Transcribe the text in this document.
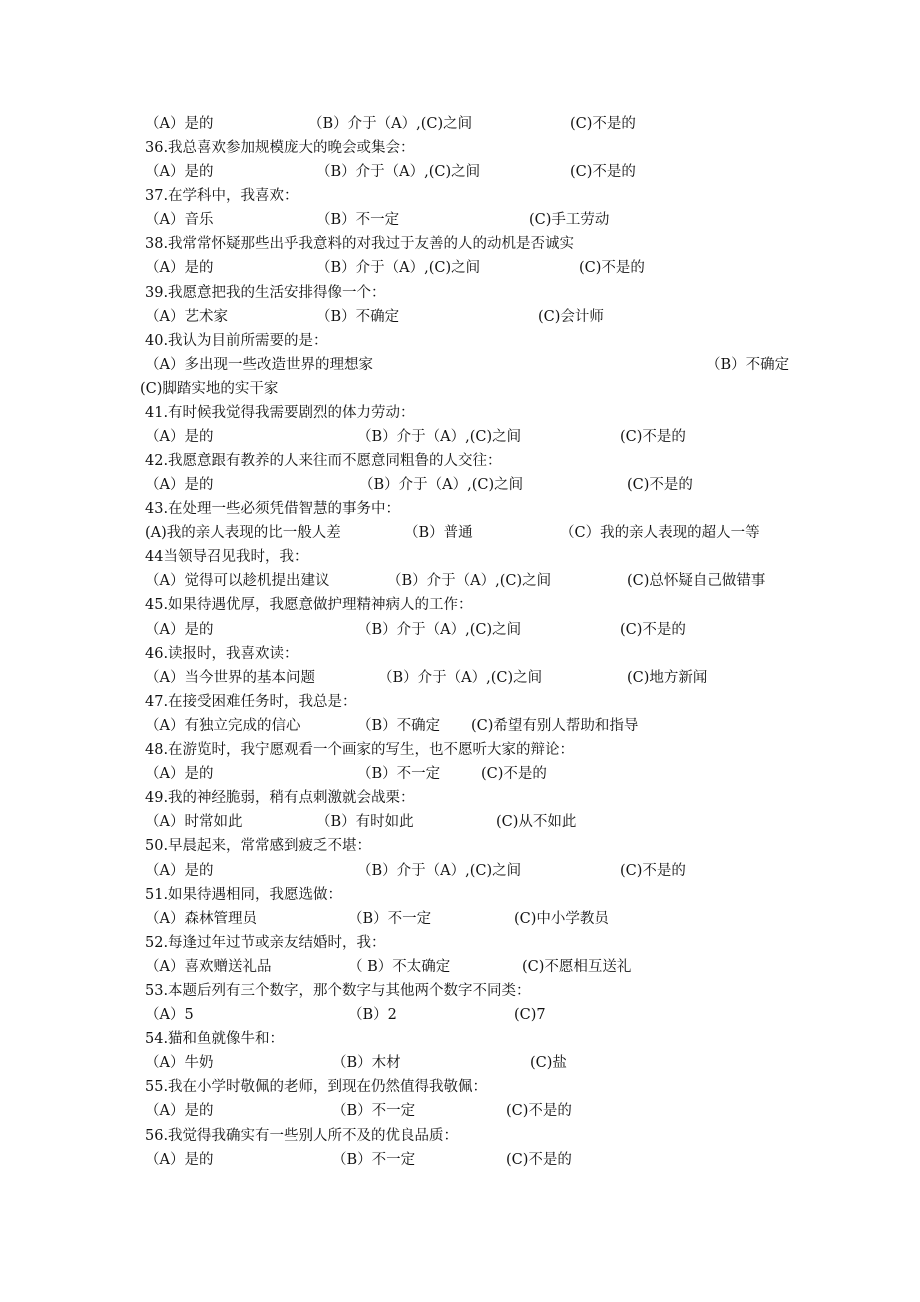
（A）是的	（B）介于（A）,(C)之间	(C)不是的
36.我总喜欢参加规模庞大的晚会或集会：
（A）是的	（B）介于（A）,(C)之间	(C)不是的
37.在学科中，我喜欢：
（A）音乐	（B）不一定	(C)手工劳动
38.我常常怀疑那些出乎我意料的对我过于友善的人的动机是否诚实
（A）是的	（B）介于（A）,(C)之间	(C)不是的
39.我愿意把我的生活安排得像一个：
（A）艺术家	（B）不确定	(C)会计师
40.我认为目前所需要的是：
（A）多出现一些改造世界的理想家	（B）不确定
(C)脚踏实地的实干家
41.有时候我觉得我需要剧烈的体力劳动：
（A）是的	（B）介于（A）,(C)之间	(C)不是的
42.我愿意跟有教养的人来往而不愿意同粗鲁的人交往：
（A）是的	（B）介于（A）,(C)之间	(C)不是的
43.在处理一些必须凭借智慧的事务中：
(A)我的亲人表现的比一般人差	（B）普通	（C）我的亲人表现的超人一等
44当领导召见我时，我：
（A）觉得可以趁机提出建议	（B）介于（A）,(C)之间	(C)总怀疑自己做错事
45.如果待遇优厚，我愿意做护理精神病人的工作：
（A）是的	（B）介于（A）,(C)之间	(C)不是的
46.读报时，我喜欢读：
（A）当今世界的基本问题	（B）介于（A）,(C)之间	(C)地方新闻
47.在接受困难任务时，我总是：
（A）有独立完成的信心	（B）不确定 (C)希望有别人帮助和指导
48.在游览时，我宁愿观看一个画家的写生，也不愿听大家的辩论：
（A）是的	（B）不一定	(C)不是的
49.我的神经脆弱，稍有点刺激就会战栗：
（A）时常如此	（B）有时如此	(C)从不如此
50.早晨起来，常常感到疲乏不堪：
（A）是的	（B）介于（A）,(C)之间	(C)不是的
51.如果待遇相同，我愿选做：
（A）森林管理员	（B）不一定	(C)中小学教员
52.每逢过年过节或亲友结婚时，我：
（A）喜欢赠送礼品	（ B）不太确定	(C)不愿相互送礼
53.本题后列有三个数字，那个数字与其他两个数字不同类：
（A）5	（B）2	(C)7
54.猫和鱼就像牛和：
（A）牛奶	（B）木材	(C)盐
55.我在小学时敬佩的老师，到现在仍然值得我敬佩：
（A）是的	（B）不一定	(C)不是的
56.我觉得我确实有一些别人所不及的优良品质：
（A）是的	（B）不一定	(C)不是的
